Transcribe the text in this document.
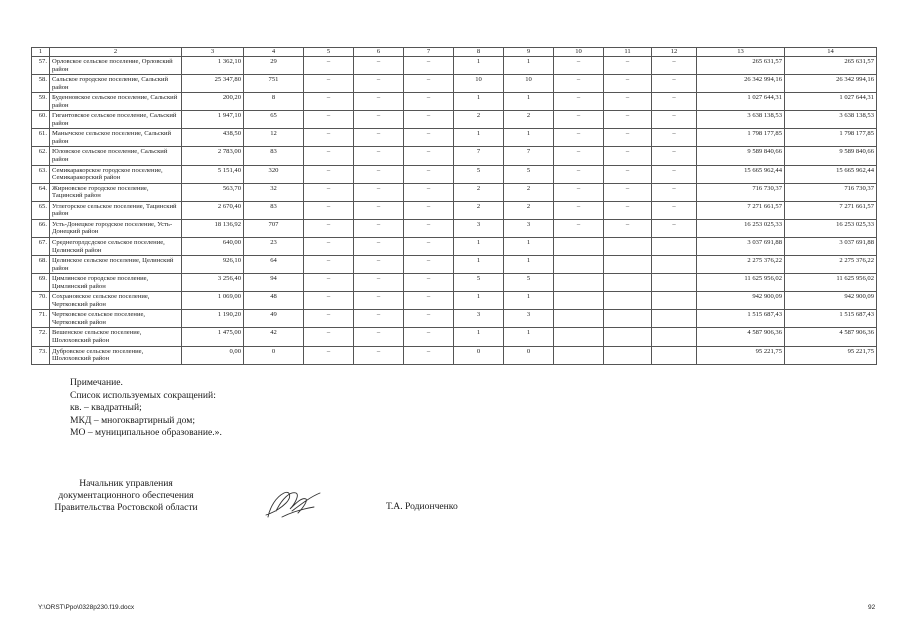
1	2	3	4	5	6	7	8	9	10	11	12	13	14
57.	Орловское сельское поселение, Орловский район	1 362,10	29	–	–	–	1	1	–	–	–	265 631,57	265 631,57
58.	Сальское городское поселение, Сальский район	25 347,80	751	–	–	–	10	10	–	–	–	26 342 994,16	26 342 994,16
59.	Буденновское сельское поселение, Сальский район	200,20	8	–	–	–	1	1	–	–	–	1 027 644,31	1 027 644,31
60.	Гигантовское сельское поселение, Сальский район	1 947,10	65	–	–	–	2	2	–	–	–	3 638 138,53	3 638 138,53
61.	Манычское сельское поселение, Сальский район	438,50	12	–	–	–	1	1	–	–	–	1 798 177,85	1 798 177,85
62.	Юловское сельское поселение, Сальский район	2 783,00	83	–	–	–	7	7	–	–	–	9 589 840,66	9 589 840,66
63.	Семикаракорское городское поселение, Семикаракорский район	5 151,40	320	–	–	–	5	5	–	–	–	15 665 962,44	15 665 962,44
64.	Жирновское городское поселение, Тацинский район	563,70	32	–	–	–	2	2	–	–	–	716 730,37	716 730,37
65.	Углегорское сельское поселение, Тацинский район	2 670,40	83	–	–	–	2	2	–	–	–	7 271 661,57	7 271 661,57
66.	Усть-Донецкое городское поселение, Усть-Донецкий район	18 136,92	707	–	–	–	3	3	–	–	–	16 253 025,33	16 253 025,33
67.	Среднегорлдсдское сельское поселение, Целинский район	640,00	23	–	–	–	1	1				3 037 691,88	3 037 691,88
68.	Целинское сельское поселение, Целинский район	926,10	64	–	–	–	1	1				2 275 376,22	2 275 376,22
69.	Цимлянское городское поселение, Цимлянский район	3 256,40	94	–	–	–	5	5				11 625 956,02	11 625 956,02
70.	Сохрановское сельское поселение, Чертковский район	1 069,00	48	–	–	–	1	1				942 900,09	942 900,09
71.	Чертковское сельское поселение, Чертковский район	1 190,20	49	–	–	–	3	3				1 515 687,43	1 515 687,43
72.	Вешенское сельское поселение, Шолоховский район	1 475,00	42	–	–	–	1	1				4 587 906,36	4 587 906,36
73.	Дубровское сельское поселение, Шолоховский район	0,00	0	–	–	–	0	0				95 221,75	95 221,75
Примечание.
Список используемых сокращений:
кв. – квадратный;
МКД – многоквартирный дом;
МО – муниципальное образование.».
Начальник управления
документационного обеспечения
Правительства Ростовской области	Т.А. Родионченко
Y:\ORST\Ppo\0328p230.f19.docx	92
